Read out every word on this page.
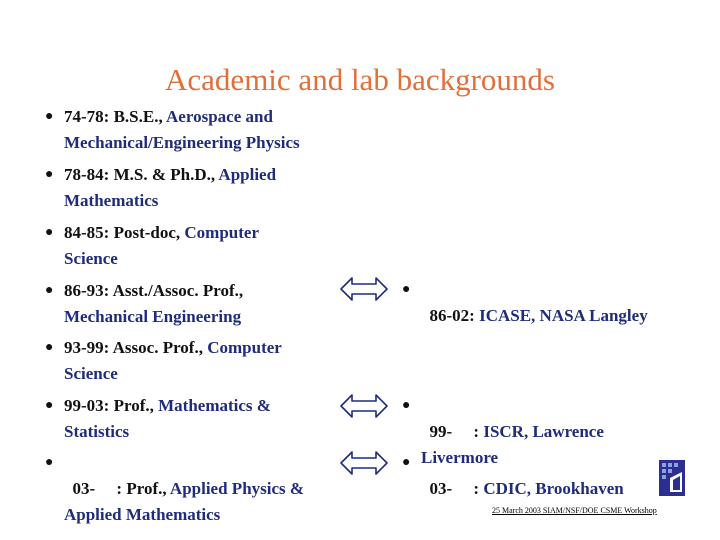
Academic and lab backgrounds
● 74-78: B.S.E., Aerospace and Mechanical/Engineering Physics
● 78-84: M.S. & Ph.D., Applied Mathematics
● 84-85: Post-doc, Computer Science
● 86-93: Asst./Assoc. Prof., Mechanical Engineering
● 93-99: Assoc. Prof., Computer Science
● 99-03: Prof., Mathematics & Statistics

●
03-     : Prof., Applied Physics & Applied Mathematics

●
86-02: ICASE, NASA Langley

●
99-     : ISCR, Lawrence Livermore

●
03-     : CDIC, Brookhaven

25 March 2003 SIAM/NSF/DOE CSME Workshop
